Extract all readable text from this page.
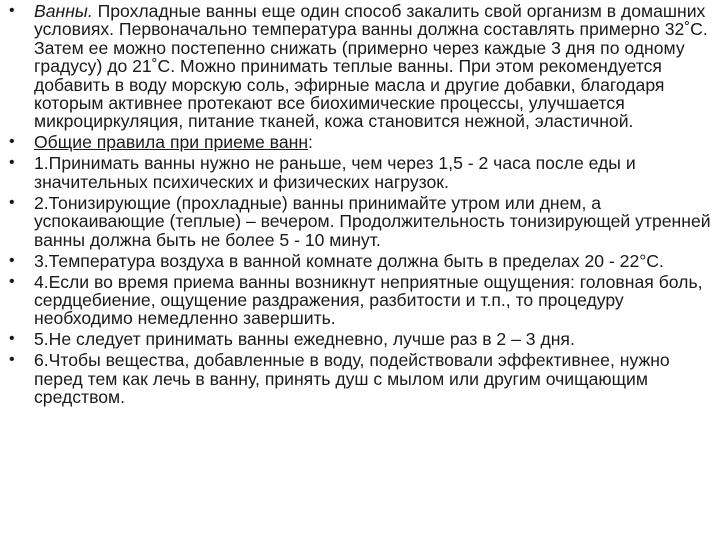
• Ванны. Прохладные ванны еще один способ закалить свой организм в домашних условиях. Первоначально температура ванны должна составлять примерно 32˚С. Затем ее можно постепенно снижать (примерно через каждые 3 дня по одному градусу) до 21˚С. Можно принимать теплые ванны. При этом рекомендуется добавить в воду морскую соль, эфирные масла и другие добавки, благодаря которым активнее протекают все биохимические процессы, улучшается микроциркуляция, питание тканей, кожа становится нежной, эластичной.
• Общие правила при приеме ванн:
• 1.Принимать ванны нужно не раньше, чем через 1,5 - 2 часа после еды и значительных психических и физических нагрузок.
• 2.Тонизирующие (прохладные) ванны принимайте утром или днем, а успокаивающие (теплые) – вечером. Продолжительность тонизирующей утренней ванны должна быть не более 5 - 10 минут.
• 3.Температура воздуха в ванной комнате должна быть в пределах 20 - 22°С.
• 4.Если во время приема ванны возникнут неприятные ощущения: головная боль, сердцебиение, ощущение раздражения, разбитости и т.п., то процедуру необходимо немедленно завершить.
• 5.Не следует принимать ванны ежедневно, лучше раз в 2 – 3 дня.
• 6.Чтобы вещества, добавленные в воду, подействовали эффективнее, нужно перед тем как лечь в ванну, принять душ с мылом или другим очищающим средством.
